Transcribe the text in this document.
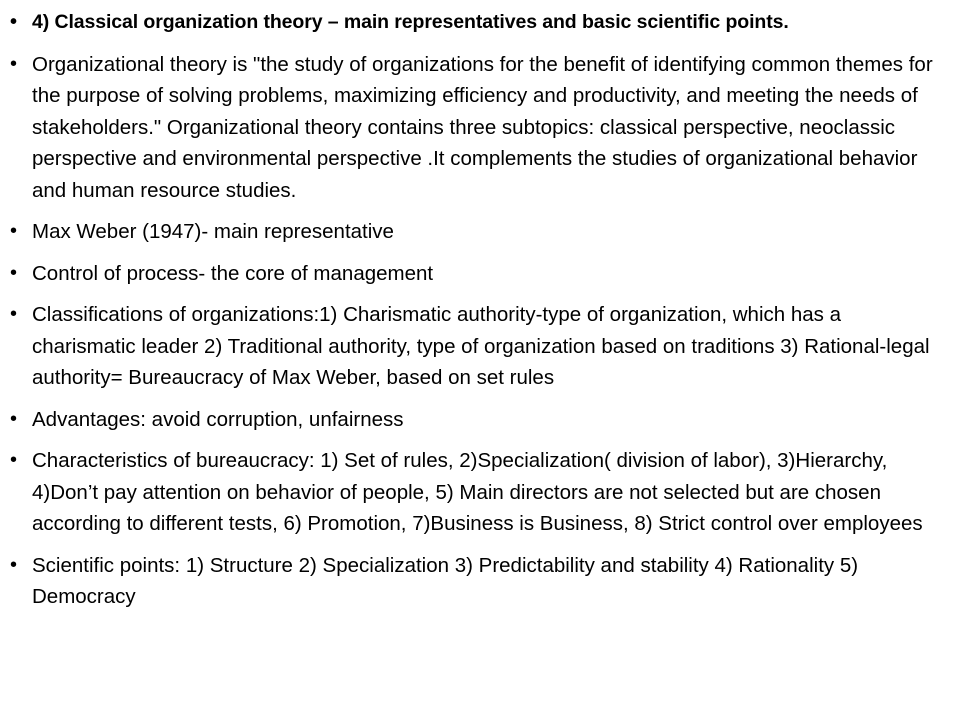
• 4) Classical organization theory – main representatives and basic scientific points.
• Organizational theory is "the study of organizations for the benefit of identifying common themes for the purpose of solving problems, maximizing efficiency and productivity, and meeting the needs of stakeholders." Organizational theory contains three subtopics: classical perspective, neoclassic perspective and environmental perspective .It complements the studies of organizational behavior and human resource studies.
• Max Weber (1947)- main representative
• Control of process- the core of management
• Classifications of organizations:1) Charismatic authority-type of organization, which has a charismatic leader 2) Traditional authority, type of organization based on traditions 3) Rational-legal authority= Bureaucracy of Max Weber, based on set rules
• Advantages: avoid corruption, unfairness
• Characteristics of bureaucracy: 1) Set of rules, 2)Specialization( division of labor), 3)Hierarchy, 4)Don’t pay attention on behavior of people, 5) Main directors are not selected but are chosen according to different tests, 6) Promotion, 7)Business is Business, 8) Strict control over employees
• Scientific points: 1) Structure 2) Specialization 3) Predictability and stability 4) Rationality 5) Democracy
